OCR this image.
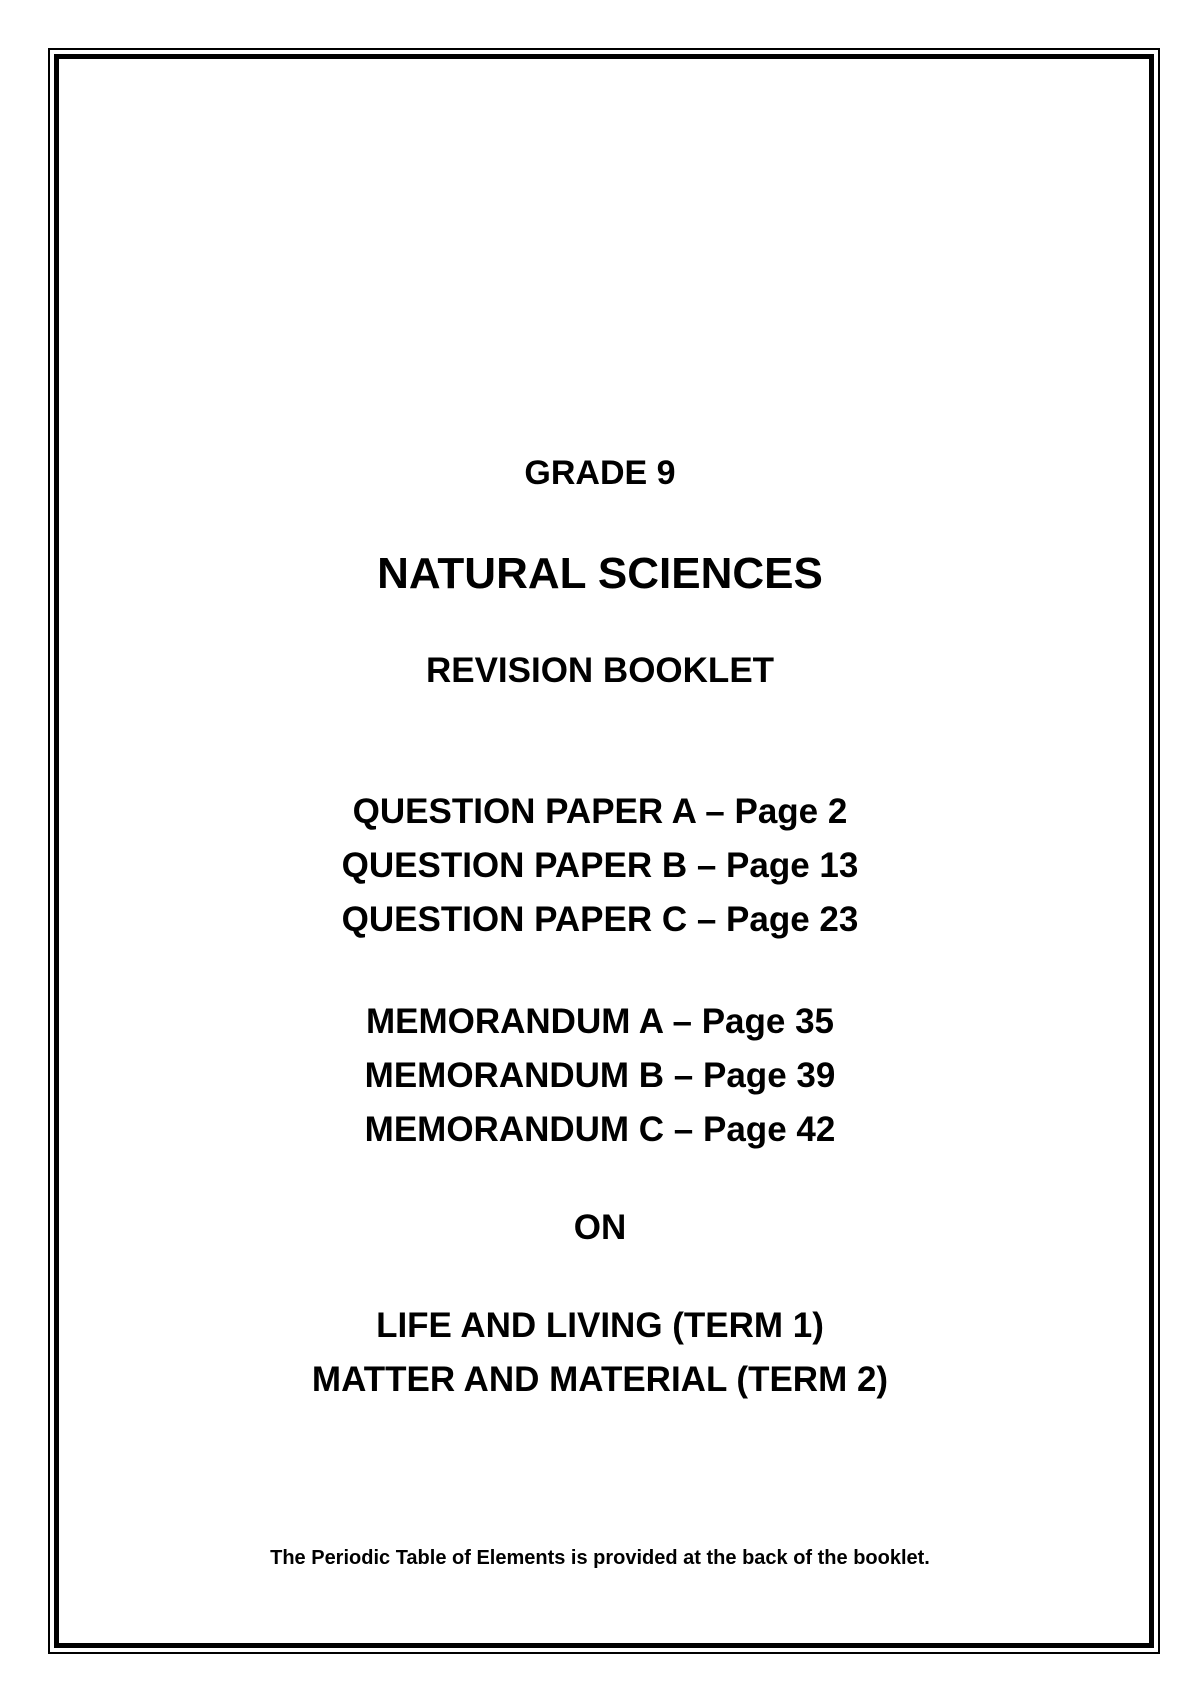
GRADE 9
NATURAL SCIENCES
REVISION BOOKLET
QUESTION PAPER A – Page 2
QUESTION PAPER B – Page 13
QUESTION PAPER C – Page 23
MEMORANDUM A – Page 35
MEMORANDUM B – Page 39
MEMORANDUM C – Page 42
ON
LIFE AND LIVING (TERM 1)
MATTER AND MATERIAL (TERM 2)
The Periodic Table of Elements is provided at the back of the booklet.
